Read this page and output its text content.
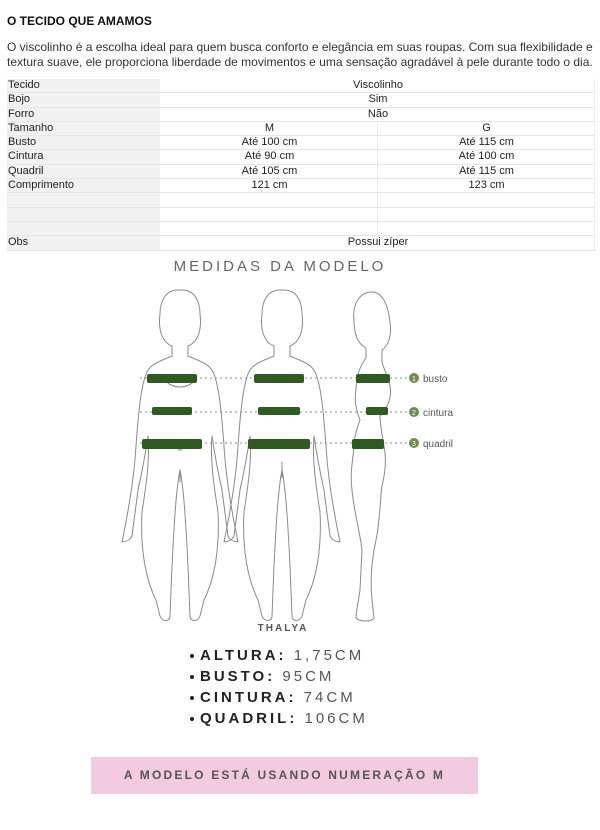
O TECIDO QUE AMAMOS
O viscolinho é a escolha ideal para quem busca conforto e elegância em suas roupas. Com sua flexibilidade e textura suave, ele proporciona liberdade de movimentos e uma sensação agradável à pele durante todo o dia.
Tecido	Viscolinho	
Bojo	Sim	
Forro	Não	
Tamanho	M	G
Busto	Até 100 cm	Até 115 cm
Cintura	Até 90 cm	Até 100 cm
Quadril	Até 105 cm	Até 115 cm
Comprimento	121 cm	123 cm

Obs	Possui zíper	
MEDIDAS DA MODELO
1 busto
2 cintura
3 quadril
THALYA
ALTURA: 1,75CM
BUSTO: 95CM
CINTURA: 74CM
QUADRIL: 106CM
A MODELO ESTÁ USANDO NUMERAÇÃO M
